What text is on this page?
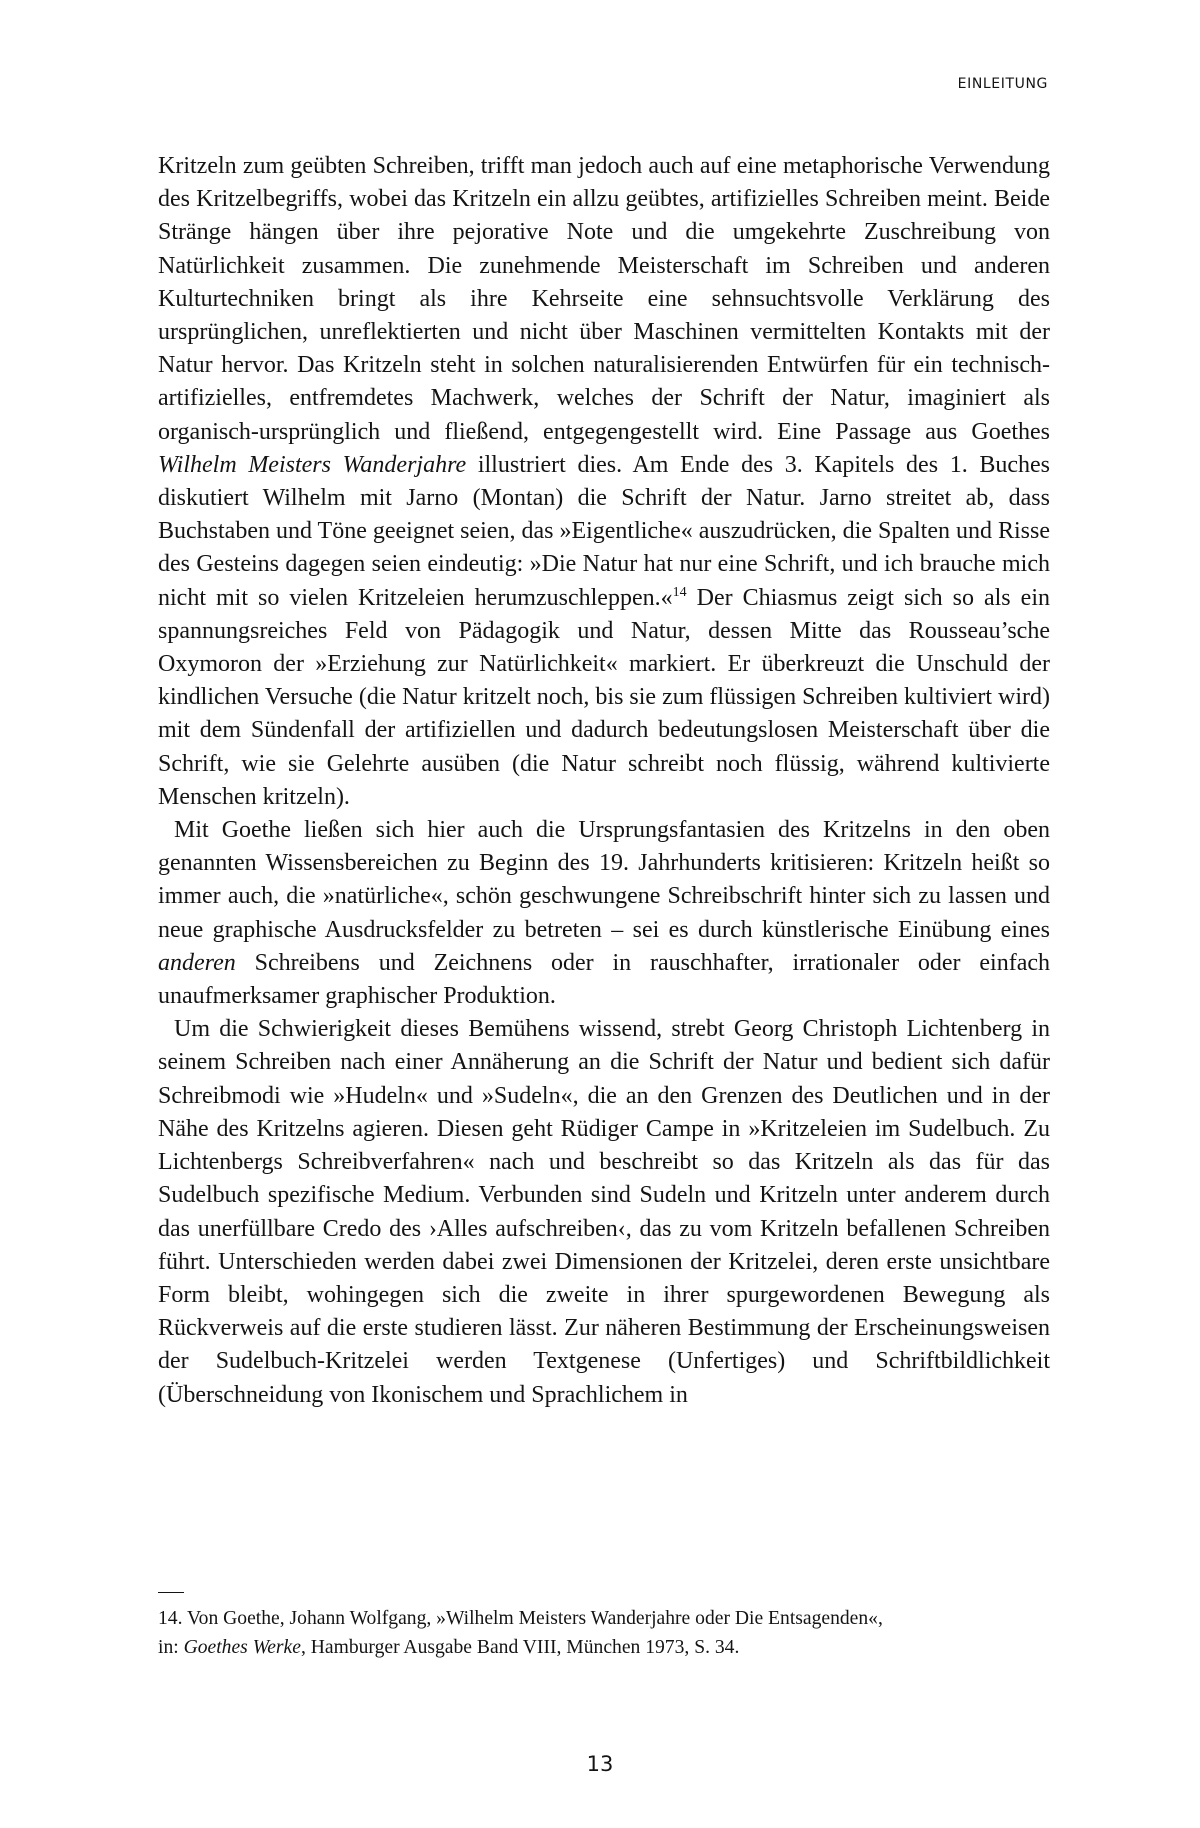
EINLEITUNG

Kritzeln zum geübten Schreiben, trifft man jedoch auch auf eine metaphorische Verwendung des Kritzelbegriffs, wobei das Kritzeln ein allzu geübtes, artifizielles Schreiben meint. Beide Stränge hängen über ihre pejorative Note und die umgekehrte Zuschreibung von Natürlichkeit zusammen. Die zunehmende Meisterschaft im Schreiben und anderen Kulturtechniken bringt als ihre Kehrseite eine sehnsuchtsvolle Verklärung des ursprünglichen, unreflektierten und nicht über Maschinen vermittelten Kontakts mit der Natur hervor. Das Kritzeln steht in solchen naturalisierenden Entwürfen für ein technisch-artifizielles, entfremdetes Machwerk, welches der Schrift der Natur, imaginiert als organisch-ursprünglich und fließend, entgegengestellt wird. Eine Passage aus Goethes Wilhelm Meisters Wanderjahre illustriert dies. Am Ende des 3. Kapitels des 1. Buches diskutiert Wilhelm mit Jarno (Montan) die Schrift der Natur. Jarno streitet ab, dass Buchstaben und Töne geeignet seien, das »Eigentliche« auszudrücken, die Spalten und Risse des Gesteins dagegen seien eindeutig: »Die Natur hat nur eine Schrift, und ich brauche mich nicht mit so vielen Kritzeleien herumzuschleppen.«$^{14}$ Der Chiasmus zeigt sich so als ein spannungsreiches Feld von Pädagogik und Natur, dessen Mitte das Rousseau’sche Oxymoron der »Erziehung zur Natürlichkeit« markiert. Er überkreuzt die Unschuld der kindlichen Versuche (die Natur kritzelt noch, bis sie zum flüssigen Schreiben kultiviert wird) mit dem Sündenfall der artifiziellen und dadurch bedeutungslosen Meisterschaft über die Schrift, wie sie Gelehrte ausüben (die Natur schreibt noch flüssig, während kultivierte Menschen kritzeln).

Mit Goethe ließen sich hier auch die Ursprungsfantasien des Kritzelns in den oben genannten Wissensbereichen zu Beginn des 19. Jahrhunderts kritisieren: Kritzeln heißt so immer auch, die »natürliche«, schön geschwungene Schreibschrift hinter sich zu lassen und neue graphische Ausdrucksfelder zu betreten – sei es durch künstlerische Einübung eines anderen Schreibens und Zeichnens oder in rauschhafter, irrationaler oder einfach unaufmerksamer graphischer Produktion.

Um die Schwierigkeit dieses Bemühens wissend, strebt Georg Christoph Lichtenberg in seinem Schreiben nach einer Annäherung an die Schrift der Natur und bedient sich dafür Schreibmodi wie »Hudeln« und »Sudeln«, die an den Grenzen des Deutlichen und in der Nähe des Kritzelns agieren. Diesen geht Rüdiger Campe in »Kritzeleien im Sudelbuch. Zu Lichtenbergs Schreibverfahren« nach und beschreibt so das Kritzeln als das für das Sudelbuch spezifische Medium. Verbunden sind Sudeln und Kritzeln unter anderem durch das unerfüllbare Credo des ›Alles aufschreiben‹, das zu vom Kritzeln befallenen Schreiben führt. Unterschieden werden dabei zwei Dimensionen der Kritzelei, deren erste unsichtbare Form bleibt, wohingegen sich die zweite in ihrer spurgewordenen Bewegung als Rückverweis auf die erste studieren lässt. Zur näheren Bestimmung der Erscheinungsweisen der Sudelbuch-Kritzelei werden Textgenese (Unfertiges) und Schriftbildlichkeit (Überschneidung von Ikonischem und Sprachlichem in

14. Von Goethe, Johann Wolfgang, »Wilhelm Meisters Wanderjahre oder Die Entsagenden«,
in: Goethes Werke, Hamburger Ausgabe Band VIII, München 1973, S. 34.
13
